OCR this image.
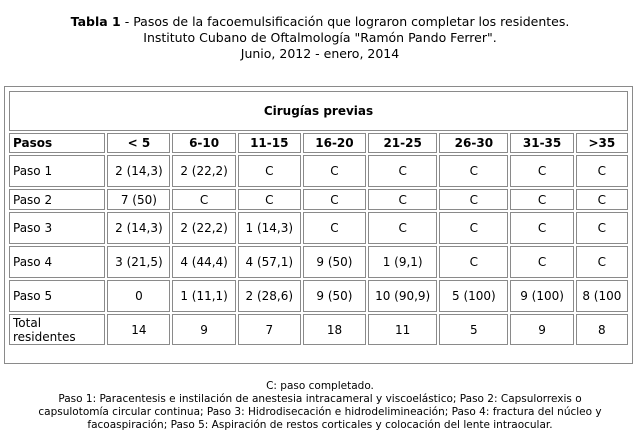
Tabla 1 - Pasos de la facoemulsificación que lograron completar los residentes.
Instituto Cubano de Oftalmología "Ramón Pando Ferrer".
Junio, 2012 - enero, 2014
Cirugías previas								
Pasos	< 5	6-10	11-15	16-20	21-25	26-30	31-35	>35
Paso 1	2 (14,3)	2 (22,2)	C	C	C	C	C	C
Paso 2	7 (50)	C	C	C	C	C	C	C
Paso 3	2 (14,3)	2 (22,2)	1 (14,3)	C	C	C	C	C
Paso 4	3 (21,5)	4 (44,4)	4 (57,1)	9 (50)	1 (9,1)	C	C	C
Paso 5	0	1 (11,1)	2 (28,6)	9 (50)	10 (90,9)	5 (100)	9 (100)	8 (100
Total residentes	14	9	7	18	11	5	9	8

C: paso completado.

Paso 1: Paracentesis e instilación de anestesia intracameral y viscoelástico; Paso 2: Capsulorrexis o

capsulotomía circular continua; Paso 3: Hidrodisecación e hidrodelimineación; Paso 4: fractura del núcleo y

facoaspiración; Paso 5: Aspiración de restos corticales y colocación del lente intraocular.
